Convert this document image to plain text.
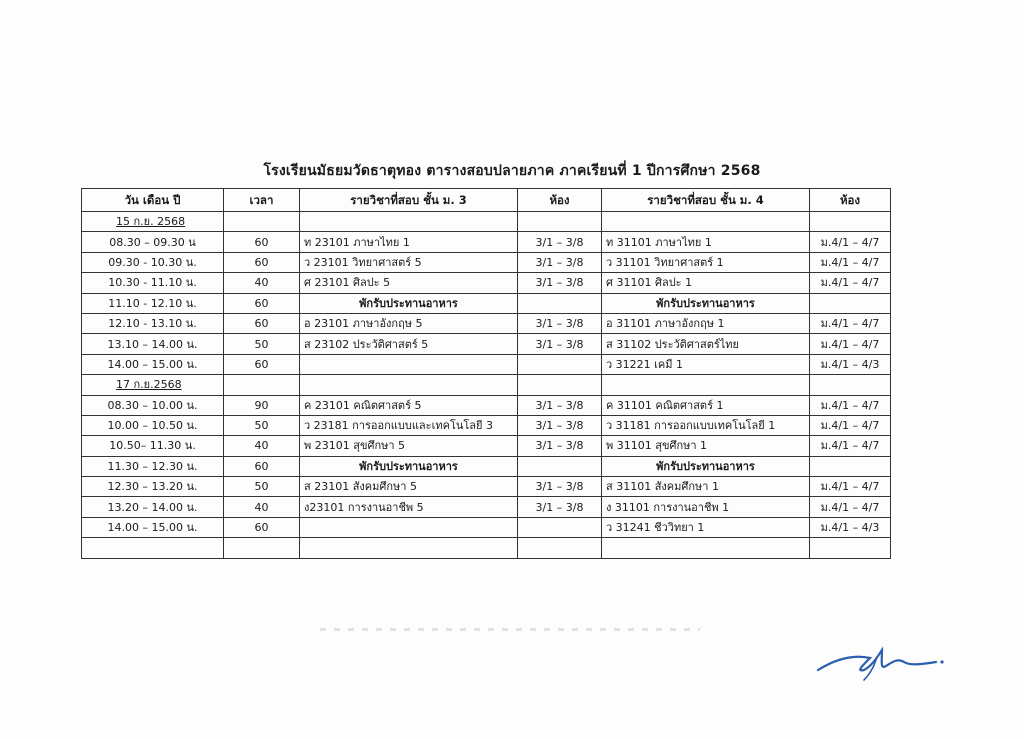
โรงเรียนมัธยมวัดธาตุทอง ตารางสอบปลายภาค ภาคเรียนที่ 1 ปีการศึกษา 2568
วัน เดือน ปี	เวลา	รายวิชาที่สอบ ชั้น ม. 3	ห้อง	รายวิชาที่สอบ ชั้น ม. 4	ห้อง
15 ก.ย. 2568					
08.30 – 09.30 น	60	ท 23101 ภาษาไทย 1	3/1 – 3/8	ท 31101 ภาษาไทย 1	ม.4/1 – 4/7
09.30 - 10.30 น.	60	ว 23101 วิทยาศาสตร์ 5	3/1 – 3/8	ว 31101 วิทยาศาสตร์ 1	ม.4/1 – 4/7
10.30 - 11.10 น.	40	ศ 23101 ศิลปะ 5	3/1 – 3/8	ศ 31101 ศิลปะ 1	ม.4/1 – 4/7
11.10 - 12.10 น.	60	พักรับประทานอาหาร		พักรับประทานอาหาร	
12.10 - 13.10 น.	60	อ 23101 ภาษาอังกฤษ 5	3/1 – 3/8	อ 31101 ภาษาอังกฤษ 1	ม.4/1 – 4/7
13.10 – 14.00 น.	50	ส 23102 ประวัติศาสตร์ 5	3/1 – 3/8	ส 31102 ประวัติศาสตร์ไทย	ม.4/1 – 4/7
14.00 – 15.00 น.	60			ว 31221 เคมี 1	ม.4/1 – 4/3
17 ก.ย.2568					
08.30 – 10.00 น.	90	ค 23101 คณิตศาสตร์ 5	3/1 – 3/8	ค 31101 คณิตศาสตร์ 1	ม.4/1 – 4/7
10.00 – 10.50 น.	50	ว 23181 การออกแบบและเทคโนโลยี 3	3/1 – 3/8	ว 31181 การออกแบบเทคโนโลยี 1	ม.4/1 – 4/7
10.50– 11.30 น.	40	พ 23101 สุขศึกษา 5	3/1 – 3/8	พ 31101 สุขศึกษา 1	ม.4/1 – 4/7
11.30 – 12.30 น.	60	พักรับประทานอาหาร		พักรับประทานอาหาร	
12.30 – 13.20 น.	50	ส 23101 สังคมศึกษา 5	3/1 – 3/8	ส 31101 สังคมศึกษา 1	ม.4/1 – 4/7
13.20 – 14.00 น.	40	ง23101 การงานอาชีพ 5	3/1 – 3/8	ง 31101 การงานอาชีพ 1	ม.4/1 – 4/7
14.00 – 15.00 น.	60			ว 31241 ชีววิทยา 1	ม.4/1 – 4/3
